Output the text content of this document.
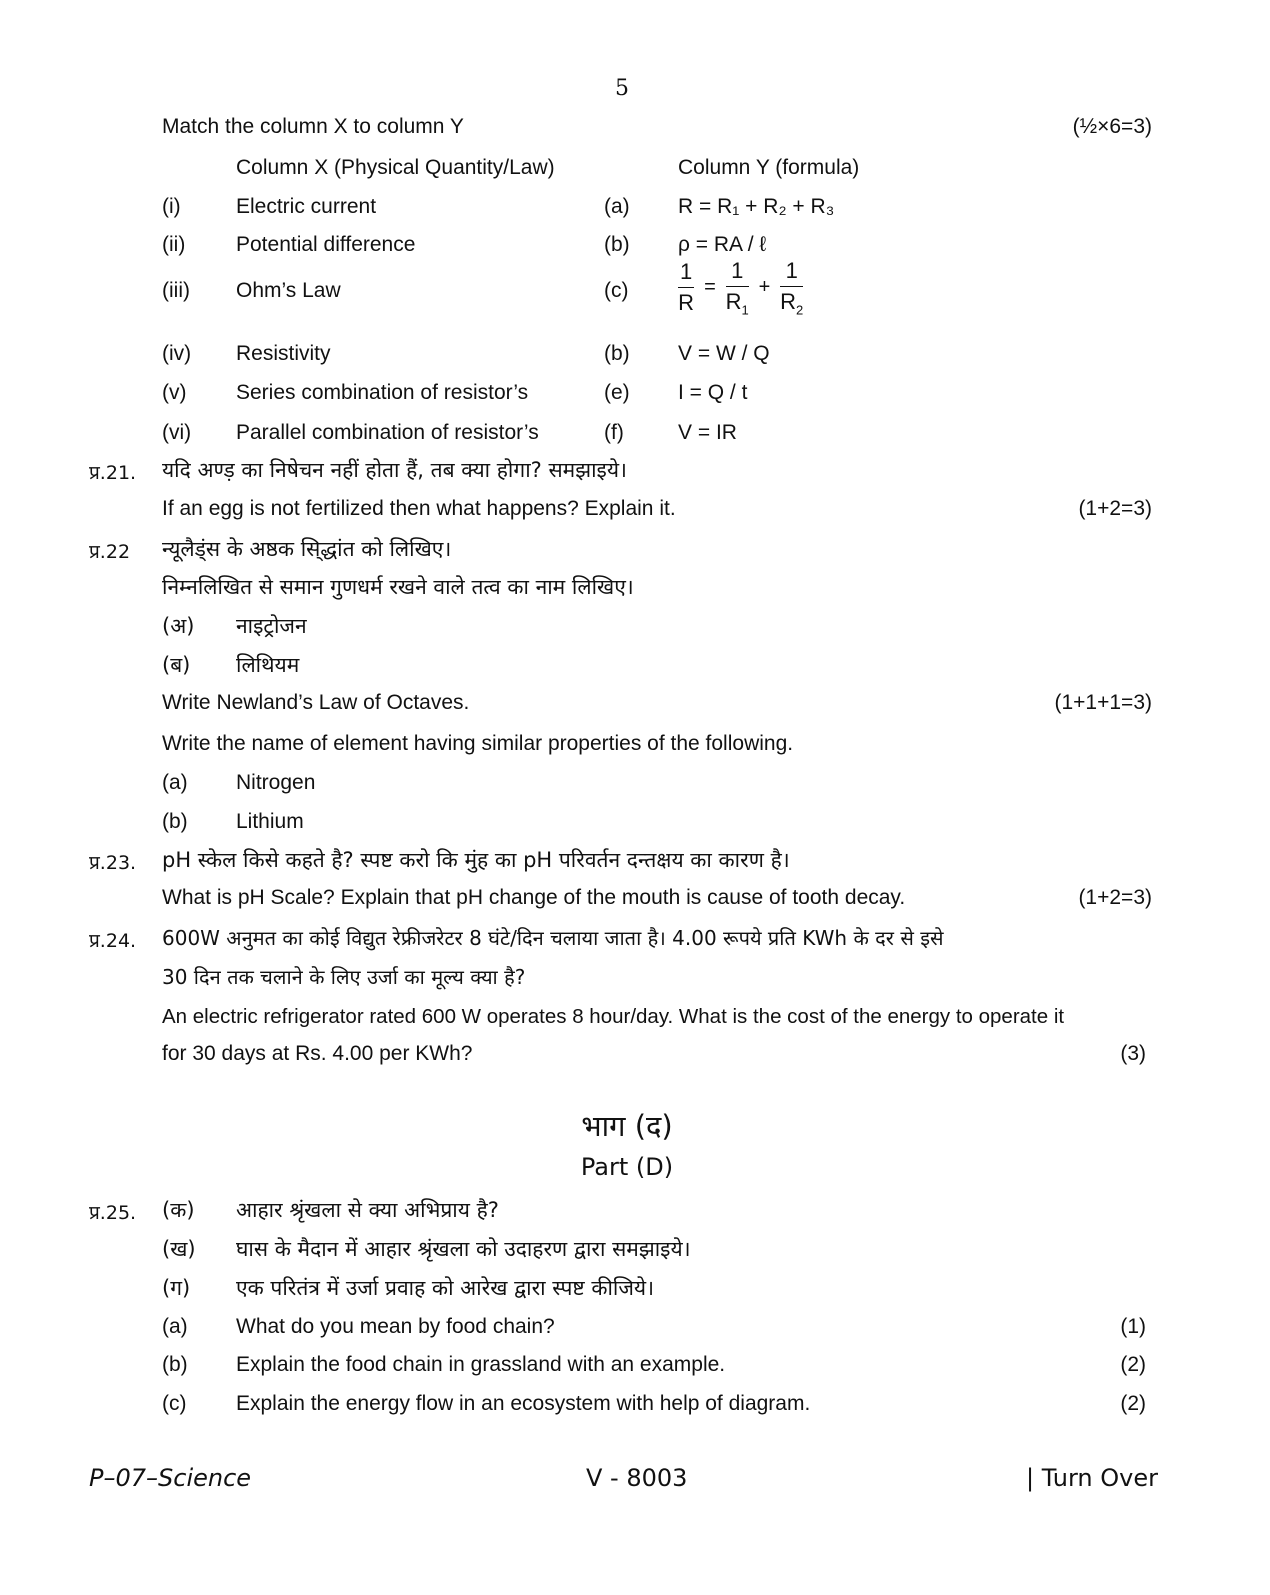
5
Match the column X to column Y	(½×6=3)
Column X (Physical Quantity/Law)	Column Y (formula)
(i)	Electric current	(a) R = R₁ + R₂ + R₃
(ii) Potential difference	(b) ρ = RA / ℓ
(iii) Ohm’s Law	$(c) \frac{1}{R} = \frac{1}{R_1} + \frac{1}{R_2}$
(iv) Resistivity	(b) V = W / Q
(v) Series combination of resistor’s	(e) I = Q / t
(vi) Parallel combination of resistor’s	(f)	V = IR
प्र.21. यदि अण्ड़ का निषेचन नहीं होता हैं, तब क्या होगा? समझाइये।
If an egg is not fertilized then what happens? Explain it.	(1+2=3)
प्र.22 न्यूलैड्ंस के अष्ठक सि्द्धांत को लिखिए।
निम्नलिखित से समान गुणधर्म रखने वाले तत्व का नाम लिखिए।
(अ) नाइट्रोजन
(ब) लिथियम
Write Newland’s Law of Octaves.	(1+1+1=3)
Write the name of element having similar properties of the following.
(a) Nitrogen
(b) Lithium
प्र.23. pH स्केल किसे कहते है? स्पष्ट करो कि मुंह का pH परिवर्तन दन्तक्षय का कारण है।
What is pH Scale? Explain that pH change of the mouth is cause of tooth decay.	(1+2=3)
प्र.24. 600W अनुमत का कोई विद्युत रेफ्रीजरेटर 8 घंटे/दिन चलाया जाता है। 4.00 रूपये प्रति KWh के दर से इसे
30 दिन तक चलाने के लिए उर्जा का मूल्य क्या है?
An electric refrigerator rated 600 W operates 8 hour/day. What is the cost of the energy to operate it
for 30 days at Rs. 4.00 per KWh?	(3)
भाग (द)
Part (D)
प्र.25. (क) आहार श्रृंखला से क्या अभिप्राय है?
(ख) घास के मैदान में आहार श्रृंखला को उदाहरण द्वारा समझाइये।
(ग) एक परितंत्र में उर्जा प्रवाह को आरेख द्वारा स्पष्ट कीजिये।
(a) What do you mean by food chain?	(1)
(b) Explain the food chain in grassland with an example.	(2)
(c) Explain the energy flow in an ecosystem with help of diagram.	(2)
P–07–Science	V - 8003	| Turn Over
